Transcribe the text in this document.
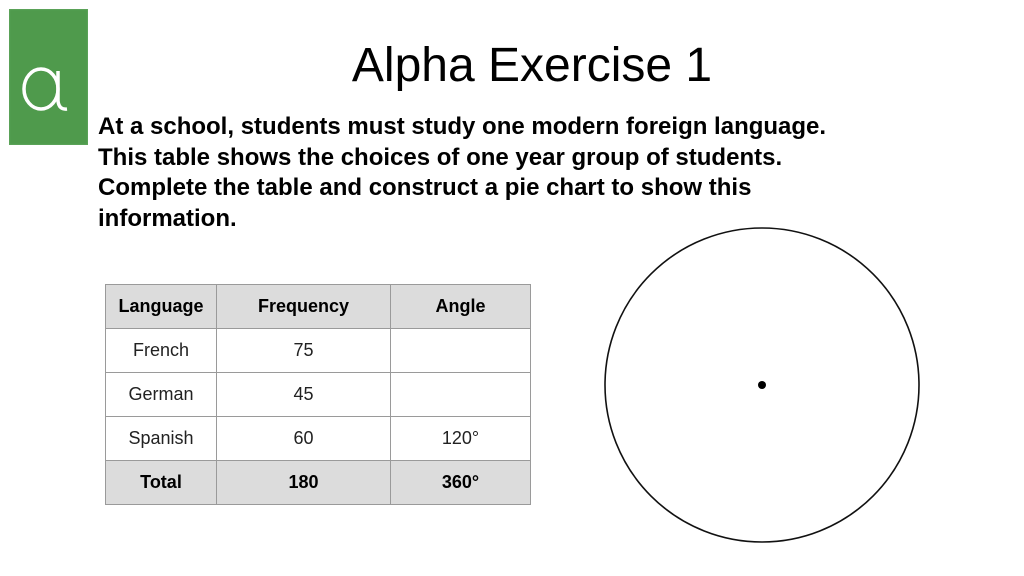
Alpha Exercise 1
At a school, students must study one modern foreign language.
This table shows the choices of one year group of students.
Complete the table and construct a pie chart to show this
information.
Language	Frequency	Angle
French	75	
German	45	
Spanish	60	120°
Total	180	360°
